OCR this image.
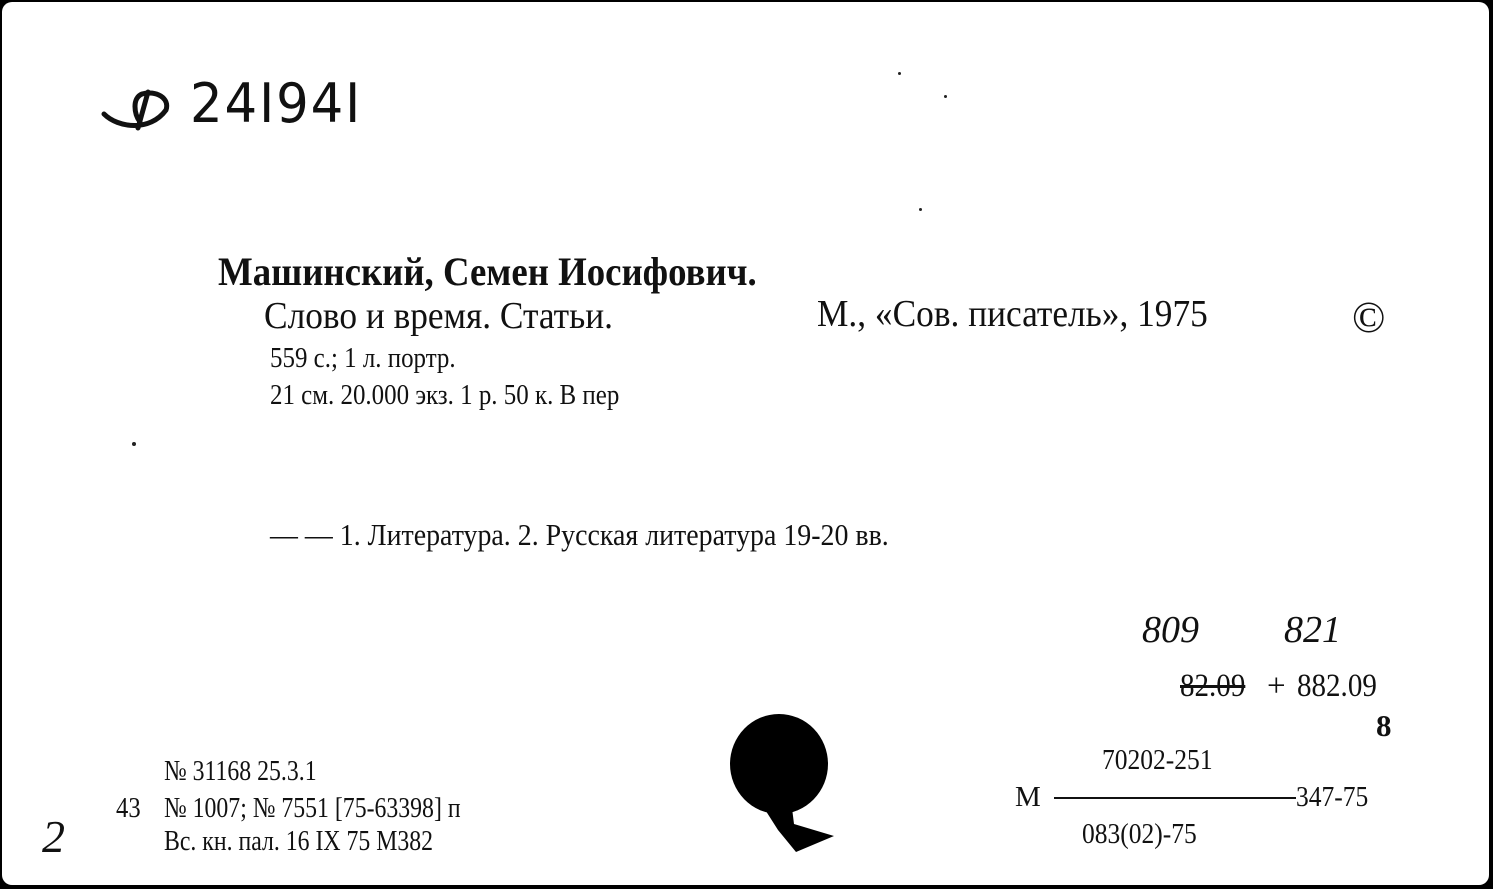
24I94I
Машинский, Семен Иосифович.
Слово и время. Статьи.	М., «Сов. писатель», 1975	©
559 с.; 1 л. портр.
21 см. 20.000 экз. 1 р. 50 к. В пер
— — 1. Литература. 2. Русская литература 19-20 вв.
809 821
82.09 + 882.09
8
70202-251
М	347-75
083(02)-75
№ 31168 25.3.1
43 № 1007; № 7551 [75-63398] п
Вс. кн. пал. 16 IX 75 М382
2
